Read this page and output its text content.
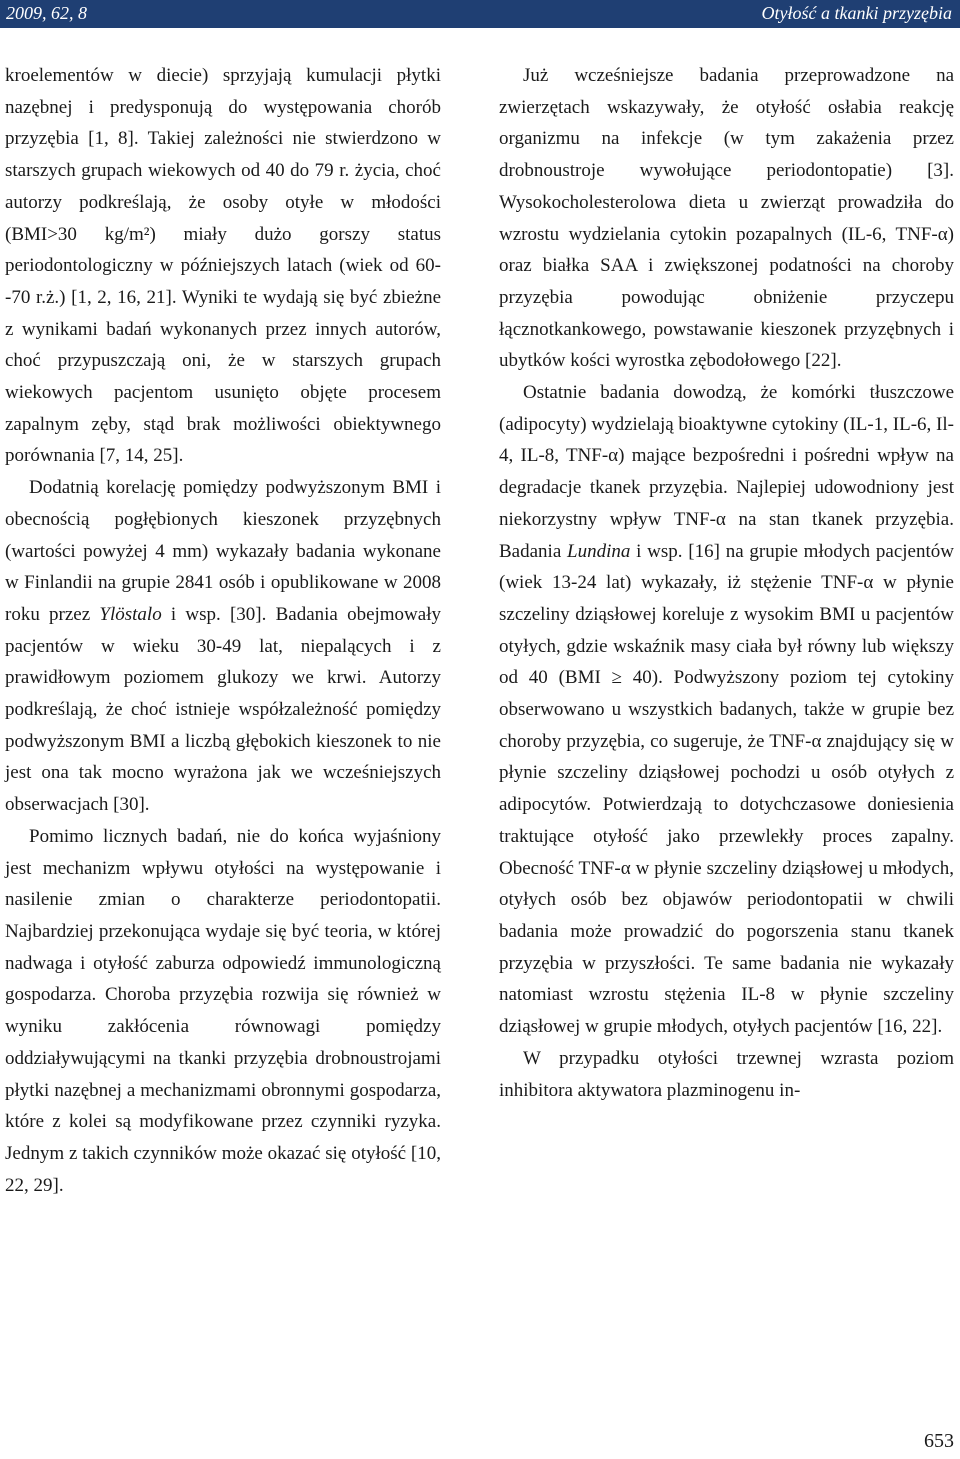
2009, 62, 8	Otyłość a tkanki przyzębia

kroelementów w diecie) sprzyjają kumulacji płytki nazębnej i predysponują do występowania chorób przyzębia [1, 8]. Takiej zależności nie stwierdzono w starszych grupach wiekowych od 40 do 79 r. życia, choć autorzy podkreślają, że osoby otyłe w młodości (BMI>30 kg/m²) miały dużo gorszy status periodontologiczny w późniejszych latach (wiek od 60--70 r.ż.) [1, 2, 16, 21]. Wyniki te wydają się być zbieżne z wynikami badań wykonanych przez innych autorów, choć przypuszczają oni, że w starszych grupach wiekowych pacjentom usunięto objęte procesem zapalnym zęby, stąd brak możliwości obiektywnego porównania [7, 14, 25].

Dodatnią korelację pomiędzy podwyższonym BMI i obecnością pogłębionych kieszonek przyzębnych (wartości powyżej 4 mm) wykazały badania wykonane w Finlandii na grupie 2841 osób i opublikowane w 2008 roku przez Ylöstalo i wsp. [30]. Badania obejmowały pacjentów w wieku 30-49 lat, niepalących i z prawidłowym poziomem glukozy we krwi. Autorzy podkreślają, że choć istnieje współzależność pomiędzy podwyższonym BMI a liczbą głębokich kieszonek to nie jest ona tak mocno wyrażona jak we wcześniejszych obserwacjach [30].

Pomimo licznych badań, nie do końca wyjaśniony jest mechanizm wpływu otyłości na występowanie i nasilenie zmian o charakterze periodontopatii. Najbardziej przekonująca wydaje się być teoria, w której nadwaga i otyłość zaburza odpowiedź immunologiczną gospodarza. Choroba przyzębia rozwija się również w wyniku zakłócenia równowagi pomiędzy oddziaływującymi na tkanki przyzębia drobnoustrojami płytki nazębnej a mechanizmami obronnymi gospodarza, które z kolei są modyfikowane przez czynniki ryzyka. Jednym z takich czynników może okazać się otyłość [10, 22, 29].

Już wcześniejsze badania przeprowadzone na zwierzętach wskazywały, że otyłość osłabia reakcję organizmu na infekcje (w tym zakażenia przez drobnoustroje wywołujące periodontopatie) [3]. Wysokocholesterolowa dieta u zwierząt prowadziła do wzrostu wydzielania cytokin pozapalnych (IL-6, TNF-α) oraz białka SAA i zwiększonej podatności na choroby przyzębia powodując obniżenie przyczepu łącznotkankowego, powstawanie kieszonek przyzębnych i ubytków kości wyrostka zębodołowego [22].

Ostatnie badania dowodzą, że komórki tłuszczowe (adipocyty) wydzielają bioaktywne cytokiny (IL-1, IL-6, Il-4, IL-8, TNF-α) mające bezpośredni i pośredni wpływ na degradacje tkanek przyzębia. Najlepiej udowodniony jest niekorzystny wpływ TNF-α na stan tkanek przyzębia. Badania Lundina i wsp. [16] na grupie młodych pacjentów (wiek 13-24 lat) wykazały, iż stężenie TNF-α w płynie szczeliny dziąsłowej koreluje z wysokim BMI u pacjentów otyłych, gdzie wskaźnik masy ciała był równy lub większy od 40 (BMI ≥ 40). Podwyższony poziom tej cytokiny obserwowano u wszystkich badanych, także w grupie bez choroby przyzębia, co sugeruje, że TNF-α znajdujący się w płynie szczeliny dziąsłowej pochodzi u osób otyłych z adipocytów. Potwierdzają to dotychczasowe doniesienia traktujące otyłość jako przewlekły proces zapalny. Obecność TNF-α w płynie szczeliny dziąsłowej u młodych, otyłych osób bez objawów periodontopatii w chwili badania może prowadzić do pogorszenia stanu tkanek przyzębia w przyszłości. Te same badania nie wykazały natomiast wzrostu stężenia IL-8 w płynie szczeliny dziąsłowej w grupie młodych, otyłych pacjentów [16, 22].

W przypadku otyłości trzewnej wzrasta poziom inhibitora aktywatora plazminogenu in-

653
